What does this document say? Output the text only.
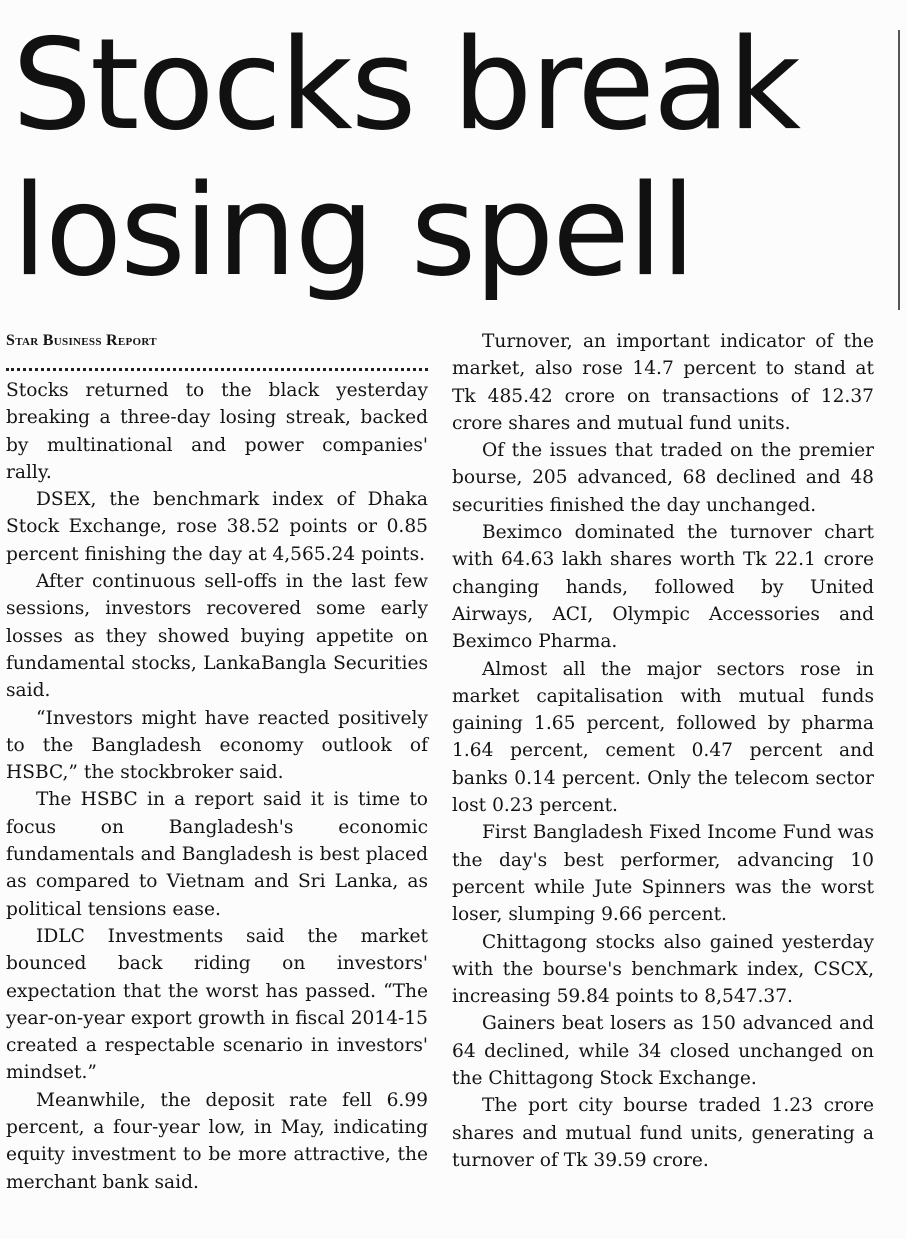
Stocks break
losing spell
Star Business Report

Stocks returned to the black yesterday breaking a three-day losing streak, backed by multinational and power companies' rally.

DSEX, the benchmark index of Dhaka Stock Exchange, rose 38.52 points or 0.85 percent finishing the day at 4,565.24 points.

After continuous sell-offs in the last few sessions, investors recovered some early losses as they showed buying appetite on fundamental stocks, LankaBangla Securities said.

“Investors might have reacted positively to the Bangladesh economy outlook of HSBC,” the stockbroker said.

The HSBC in a report said it is time to focus on Bangladesh's economic fundamentals and Bangladesh is best placed as compared to Vietnam and Sri Lanka, as political tensions ease.

IDLC Investments said the market bounced back riding on investors' expectation that the worst has passed. “The year-on-year export growth in fiscal 2014-15 created a respectable scenario in investors' mindset.”

Meanwhile, the deposit rate fell 6.99 percent, a four-year low, in May, indicating equity investment to be more attractive, the merchant bank said.

Turnover, an important indicator of the market, also rose 14.7 percent to stand at Tk 485.42 crore on transactions of 12.37 crore shares and mutual fund units.

Of the issues that traded on the premier bourse, 205 advanced, 68 declined and 48 securities finished the day unchanged.

Beximco dominated the turnover chart with 64.63 lakh shares worth Tk 22.1 crore changing hands, followed by United Airways, ACI, Olympic Accessories and Beximco Pharma.

Almost all the major sectors rose in market capitalisation with mutual funds gaining 1.65 percent, followed by pharma 1.64 percent, cement 0.47 percent and banks 0.14 percent. Only the telecom sector lost 0.23 percent.

First Bangladesh Fixed Income Fund was the day's best performer, advancing 10 percent while Jute Spinners was the worst loser, slumping 9.66 percent.

Chittagong stocks also gained yesterday with the bourse's benchmark index, CSCX, increasing 59.84 points to 8,547.37.

Gainers beat losers as 150 advanced and 64 declined, while 34 closed unchanged on the Chittagong Stock Exchange.

The port city bourse traded 1.23 crore shares and mutual fund units, generating a turnover of Tk 39.59 crore.
